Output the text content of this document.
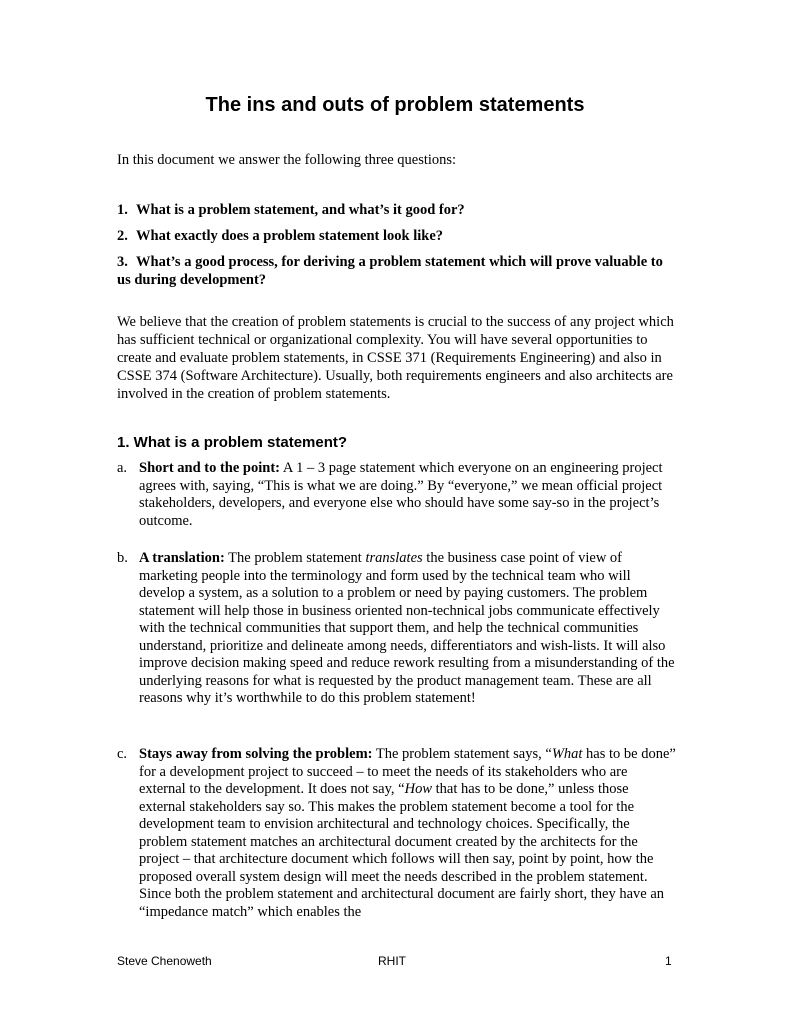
The ins and outs of problem statements

In this document we answer the following three questions:

1. What is a problem statement, and what’s it good for?
2. What exactly does a problem statement look like?
3. What’s a good process, for deriving a problem statement which will prove valuable to us during development?

We believe that the creation of problem statements is crucial to the success of any project which has sufficient technical or organizational complexity. You will have several opportunities to create and evaluate problem statements, in CSSE 371 (Requirements Engineering) and also in CSSE 374 (Software Architecture). Usually, both requirements engineers and also architects are involved in the creation of problem statements.

1. What is a problem statement?
a. Short and to the point: A 1 – 3 page statement which everyone on an engineering project agrees with, saying, “This is what we are doing.” By “everyone,” we mean official project stakeholders, developers, and everyone else who should have some say-so in the project’s outcome.
b. A translation: The problem statement translates the business case point of view of marketing people into the terminology and form used by the technical team who will develop a system, as a solution to a problem or need by paying customers. The problem statement will help those in business oriented non-technical jobs communicate effectively with the technical communities that support them, and help the technical communities understand, prioritize and delineate among needs, differentiators and wish-lists. It will also improve decision making speed and reduce rework resulting from a misunderstanding of the underlying reasons for what is requested by the product management team. These are all reasons why it’s worthwhile to do this problem statement!
c. Stays away from solving the problem: The problem statement says, “What has to be done” for a development project to succeed – to meet the needs of its stakeholders who are external to the development. It does not say, “How that has to be done,” unless those external stakeholders say so. This makes the problem statement become a tool for the development team to envision architectural and technology choices. Specifically, the problem statement matches an architectural document created by the architects for the project – that architecture document which follows will then say, point by point, how the proposed overall system design will meet the needs described in the problem statement. Since both the problem statement and architectural document are fairly short, they have an “impedance match” which enables the
Steve Chenoweth	RHIT	1
